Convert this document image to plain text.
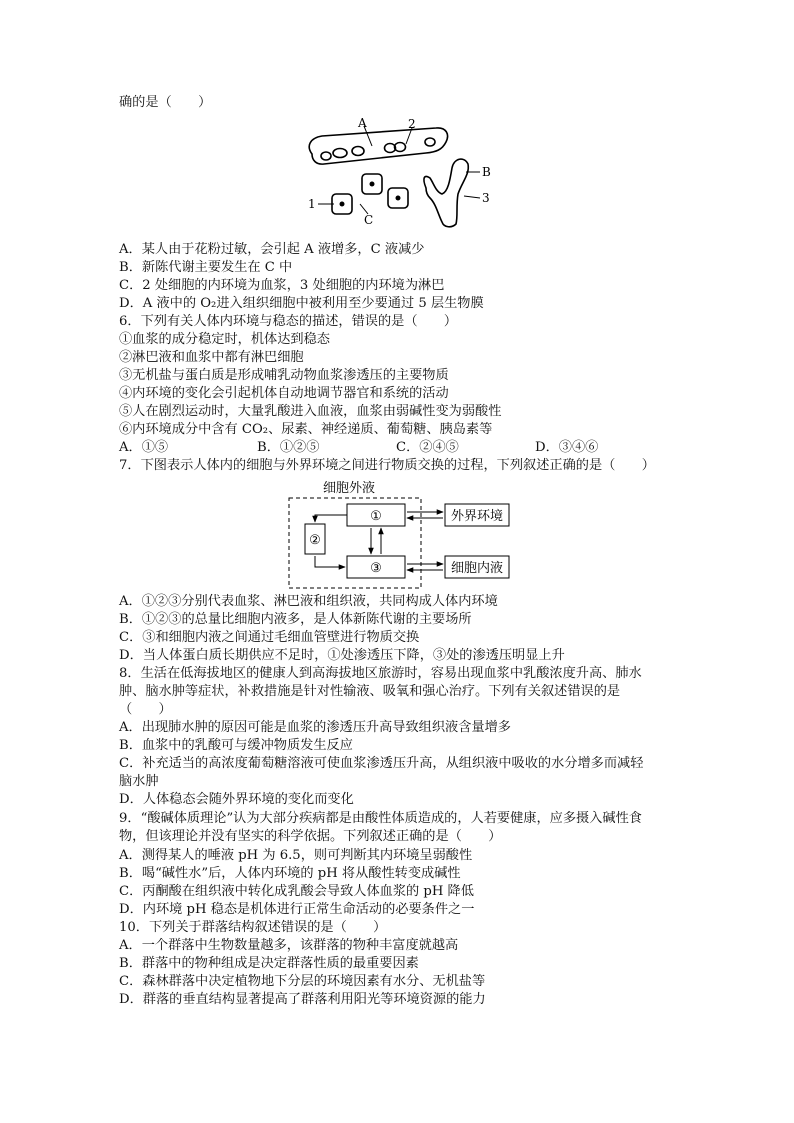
确的是（　　）
A	2
B
3
1
C
A．某人由于花粉过敏，会引起 A 液增多，C 液减少
B．新陈代谢主要发生在 C 中
C．2 处细胞的内环境为血浆，3 处细胞的内环境为淋巴
D．A 液中的 O₂进入组织细胞中被利用至少要通过 5 层生物膜
6．下列有关人体内环境与稳态的描述，错误的是（　　）
①血浆的成分稳定时，机体达到稳态
②淋巴液和血浆中都有淋巴细胞
③无机盐与蛋白质是形成哺乳动物血浆渗透压的主要物质
④内环境的变化会引起机体自动地调节器官和系统的活动
⑤人在剧烈运动时，大量乳酸进入血液，血浆由弱碱性变为弱酸性
⑥内环境成分中含有 CO₂、尿素、神经递质、葡萄糖、胰岛素等
A．①⑤	B．①②⑤	C．②④⑤	D．③④⑥
7．下图表示人体内的细胞与外界环境之间进行物质交换的过程，下列叙述正确的是（　　）
细胞外液
①
②
③
外界环境
细胞内液
A．①②③分别代表血浆、淋巴液和组织液，共同构成人体内环境
B．①②③的总量比细胞内液多，是人体新陈代谢的主要场所
C．③和细胞内液之间通过毛细血管壁进行物质交换
D．当人体蛋白质长期供应不足时，①处渗透压下降，③处的渗透压明显上升
8．生活在低海拔地区的健康人到高海拔地区旅游时，容易出现血浆中乳酸浓度升高、肺水
肿、脑水肿等症状，补救措施是针对性输液、吸氧和强心治疗。下列有关叙述错误的是
（　　）
A．出现肺水肿的原因可能是血浆的渗透压升高导致组织液含量增多
B．血浆中的乳酸可与缓冲物质发生反应
C．补充适当的高浓度葡萄糖溶液可使血浆渗透压升高，从组织液中吸收的水分增多而减轻
脑水肿
D．人体稳态会随外界环境的变化而变化
9．“酸碱体质理论”认为大部分疾病都是由酸性体质造成的，人若要健康，应多摄入碱性食
物，但该理论并没有坚实的科学依据。下列叙述正确的是（　　）
A．测得某人的唾液 pH 为 6.5，则可判断其内环境呈弱酸性
B．喝“碱性水”后，人体内环境的 pH 将从酸性转变成碱性
C．丙酮酸在组织液中转化成乳酸会导致人体血浆的 pH 降低
D．内环境 pH 稳态是机体进行正常生命活动的必要条件之一
10．下列关于群落结构叙述错误的是（　　）
A．一个群落中生物数量越多，该群落的物种丰富度就越高
B．群落中的物种组成是决定群落性质的最重要因素
C．森林群落中决定植物地下分层的环境因素有水分、无机盐等
D．群落的垂直结构显著提高了群落利用阳光等环境资源的能力
